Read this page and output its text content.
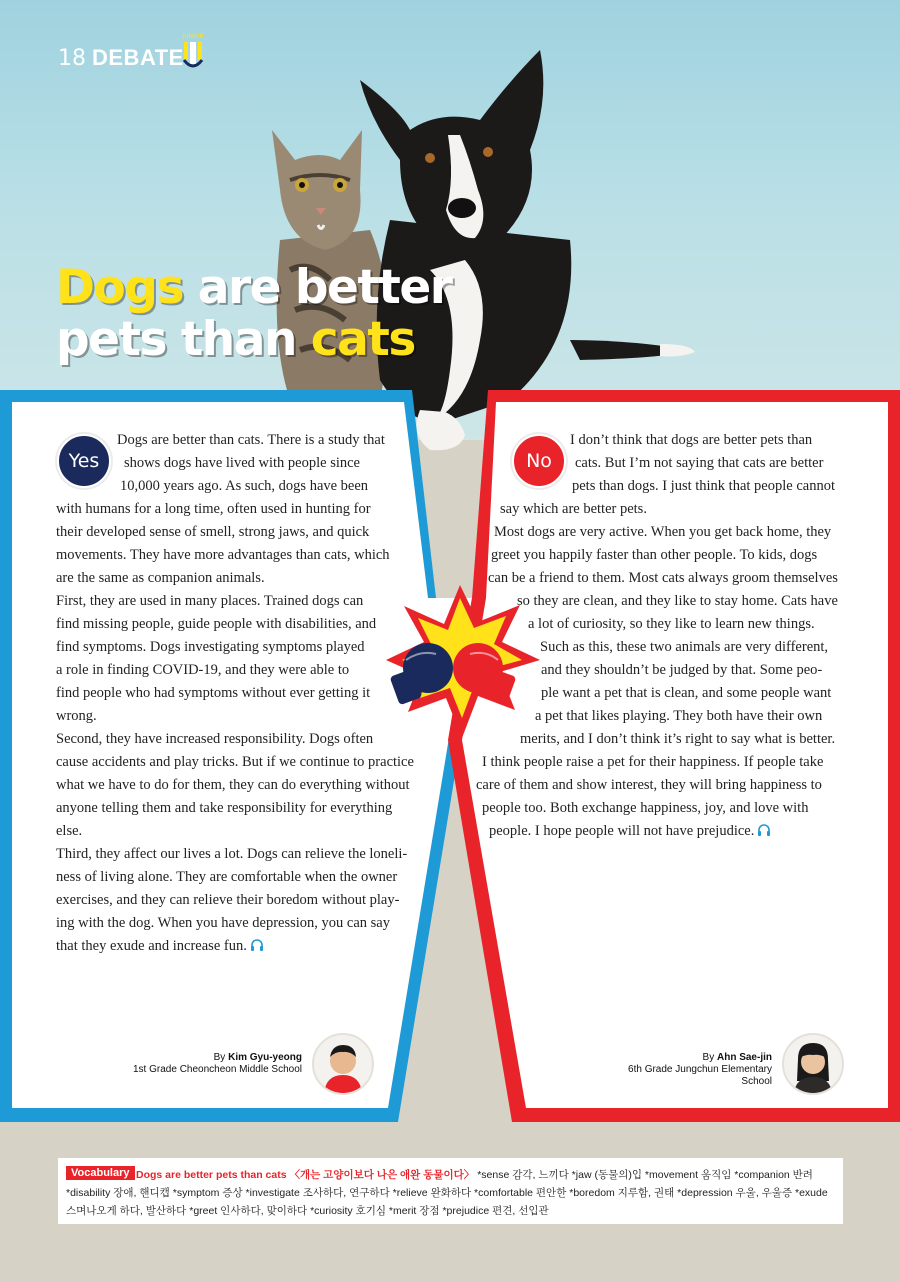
18 DEBATE
JUNIOR
Dogs are better
pets than cats
Yes	No
Dogs are better than cats. There is a study that
shows dogs have lived with people since
10,000 years ago. As such, dogs have been
with humans for a long time, often used in hunting for
their developed sense of smell, strong jaws, and quick
movements. They have more advantages than cats, which
are the same as companion animals.
First, they are used in many places. Trained dogs can
find missing people, guide people with disabilities, and
find symptoms. Dogs investigating symptoms played
a role in finding COVID-19, and they were able to
find people who had symptoms without ever getting it
wrong.
Second, they have increased responsibility. Dogs often
cause accidents and play tricks. But if we continue to practice
what we have to do for them, they can do everything without
anyone telling them and take responsibility for everything
else.
Third, they affect our lives a lot. Dogs can relieve the loneli-
ness of living alone. They are comfortable when the owner
exercises, and they can relieve their boredom without play-
ing with the dog. When you have depression, you can say
that they exude and increase fun.
I don’t think that dogs are better pets than
cats. But I’m not saying that cats are better
pets than dogs. I just think that people cannot
say which are better pets.
Most dogs are very active. When you get back home, they
greet you happily faster than other people. To kids, dogs
can be a friend to them. Most cats always groom themselves
so they are clean, and they like to stay home. Cats have
a lot of curiosity, so they like to learn new things.
Such as this, these two animals are very different,
and they shouldn’t be judged by that. Some peo-
ple want a pet that is clean, and some people want
a pet that likes playing. They both have their own
merits, and I don’t think it’s right to say what is better.
I think people raise a pet for their happiness. If people take
care of them and show interest, they will bring happiness to
people too. Both exchange happiness, joy, and love with
people. I hope people will not have prejudice.
By Kim Gyu-yeong
1st Grade Cheoncheon Middle School
By Ahn Sae-jin
6th Grade Jungchun Elementary School
Dogs are better pets than cats 〈개는 고양이보다 나은 애완 동물이다〉 *sense 감각, 느끼다 *jaw (동물의)입 *movement 움직임 *companion 반려 *disability 장애, 핸디캡 *symptom 증상 *investigate 조사하다, 연구하다 *relieve 완화하다 *comfortable 편안한 *boredom 지루함, 권태 *depression 우울, 우울증 *exude 스며나오게 하다, 발산하다 *greet 인사하다, 맞이하다 *curiosity 호기심 *merit 장점 *prejudice 편견, 선입관
Vocabulary
